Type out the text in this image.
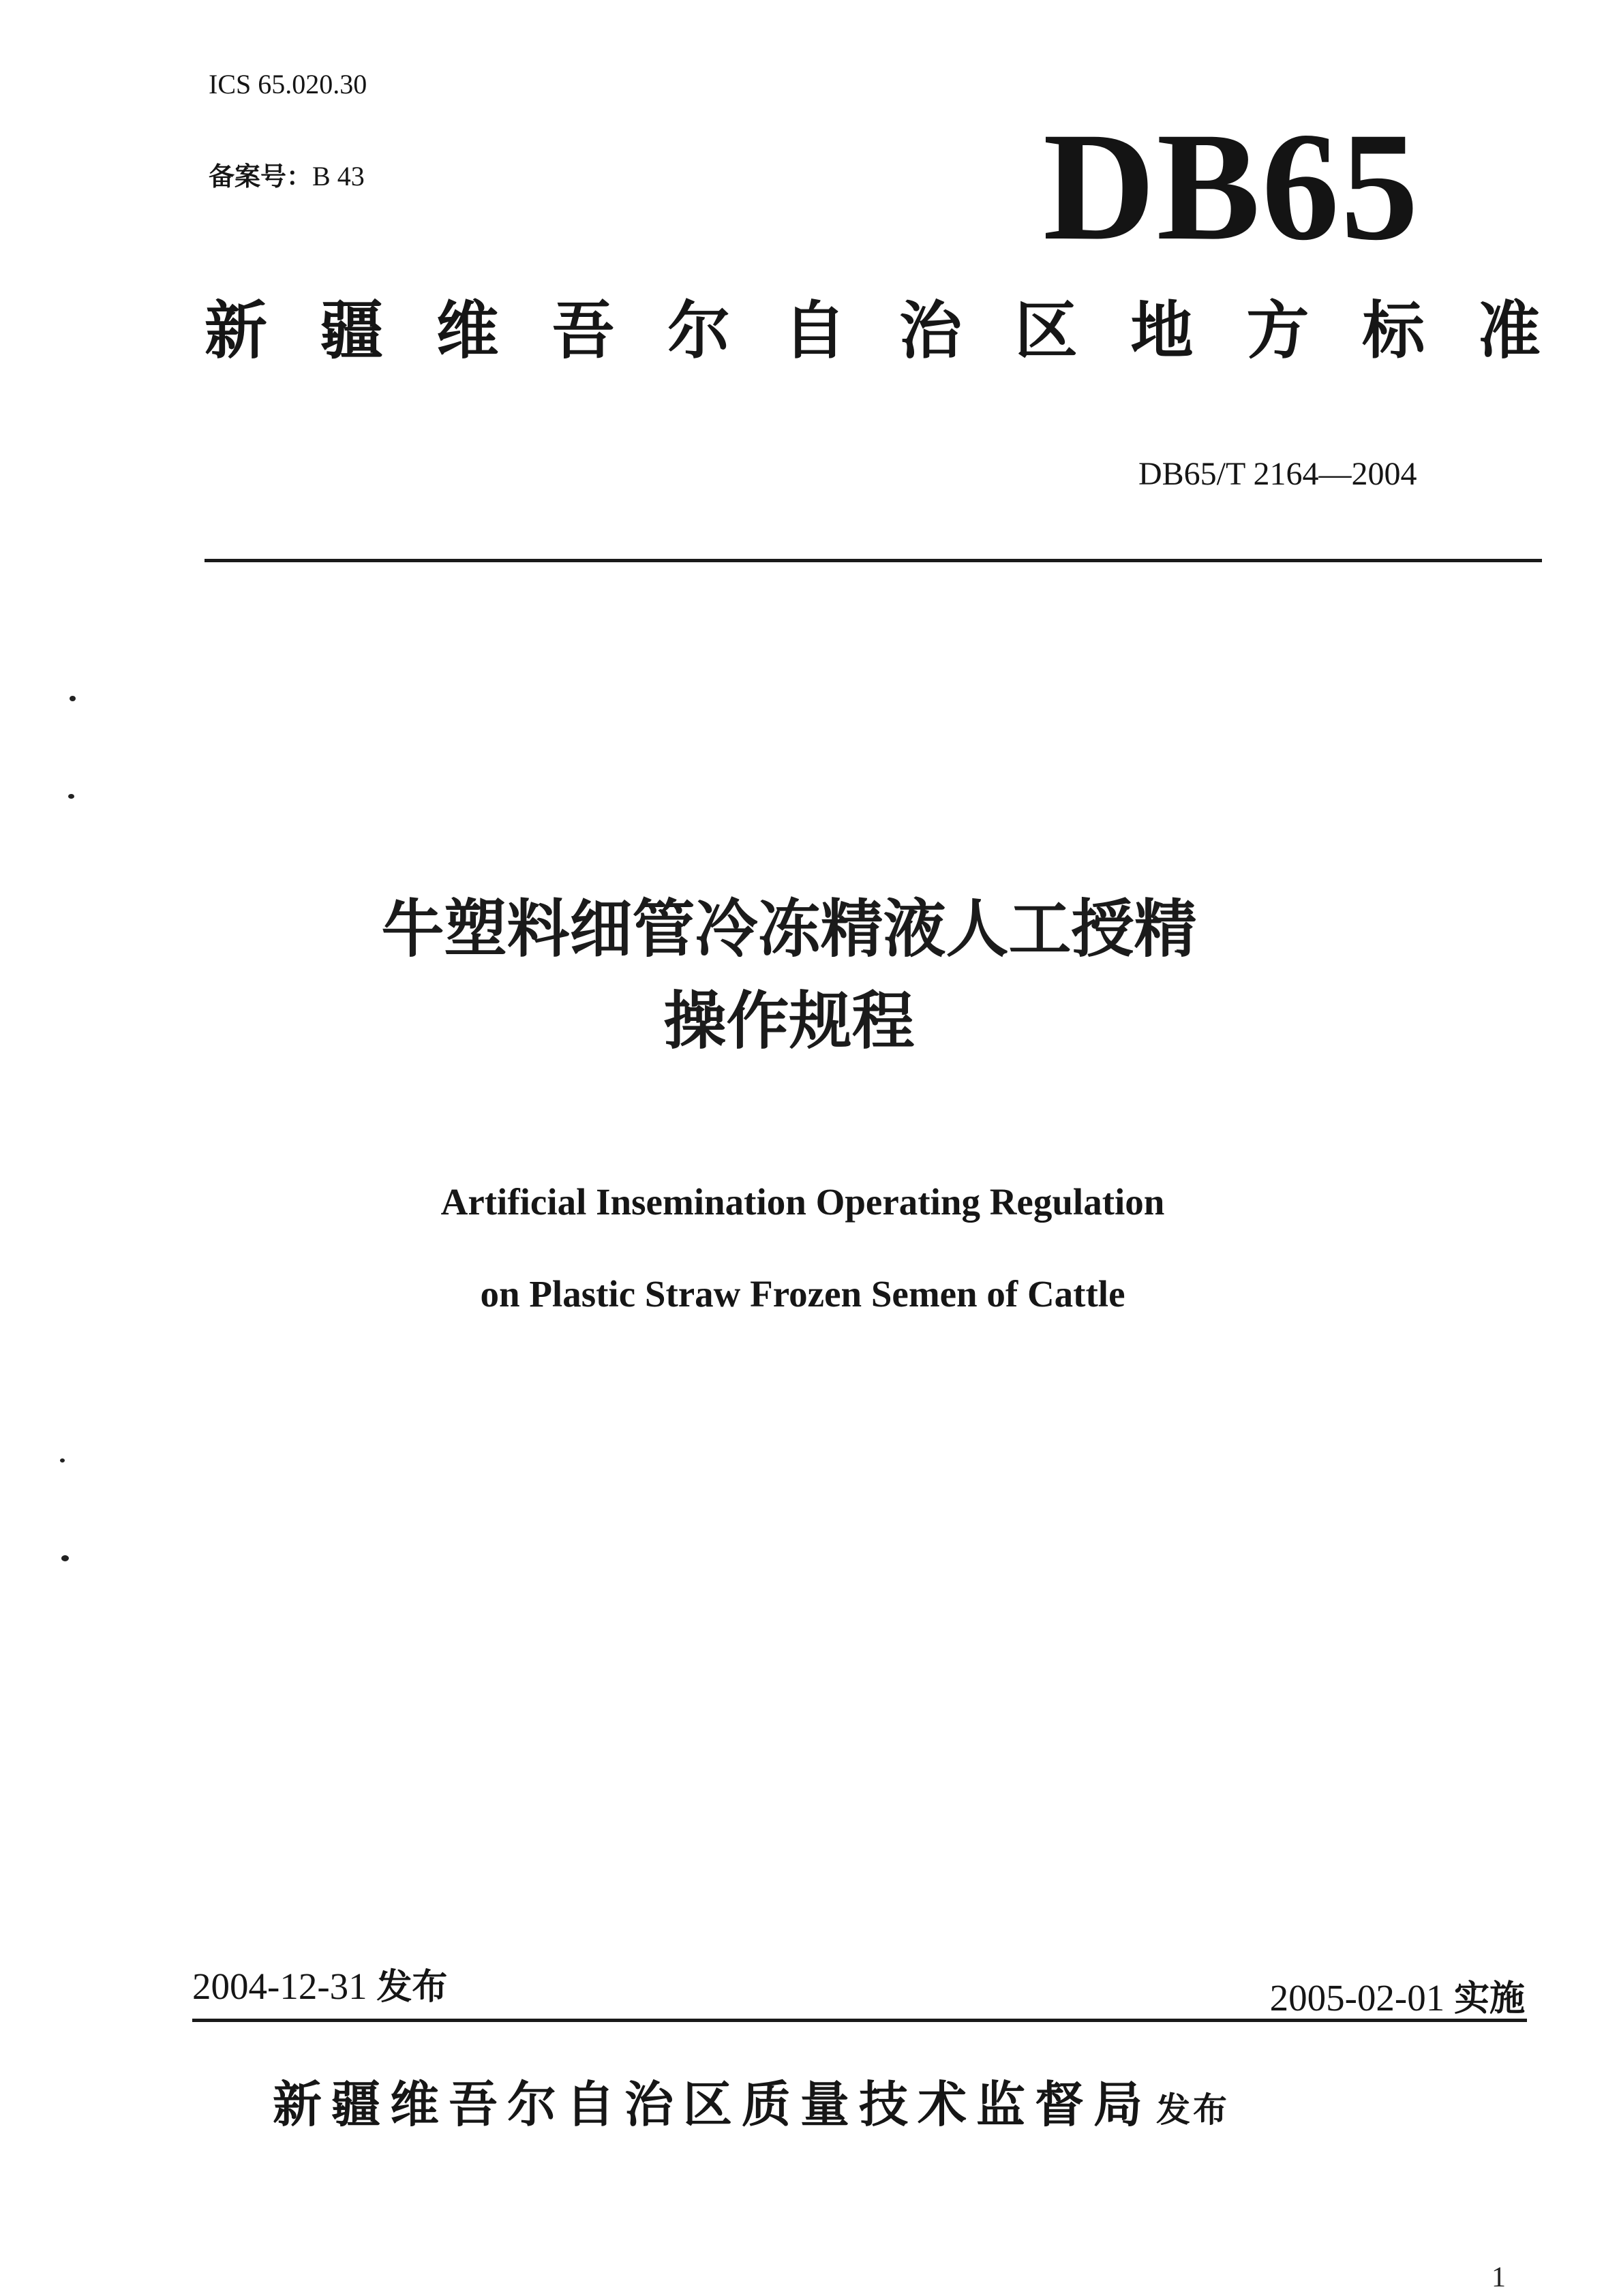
ICS 65.020.30
备案号：B 43	DB65
新 疆 维 吾 尔 自 治 区 地 方 标 准
DB65/T 2164—2004
牛塑料细管冷冻精液人工授精
操作规程
Artificial Insemination Operating Regulation
on Plastic Straw Frozen Semen of Cattle
2004-12-31 发布	2005-02-01 实施
新疆维吾尔自治区质量技术监督局 发布
1
